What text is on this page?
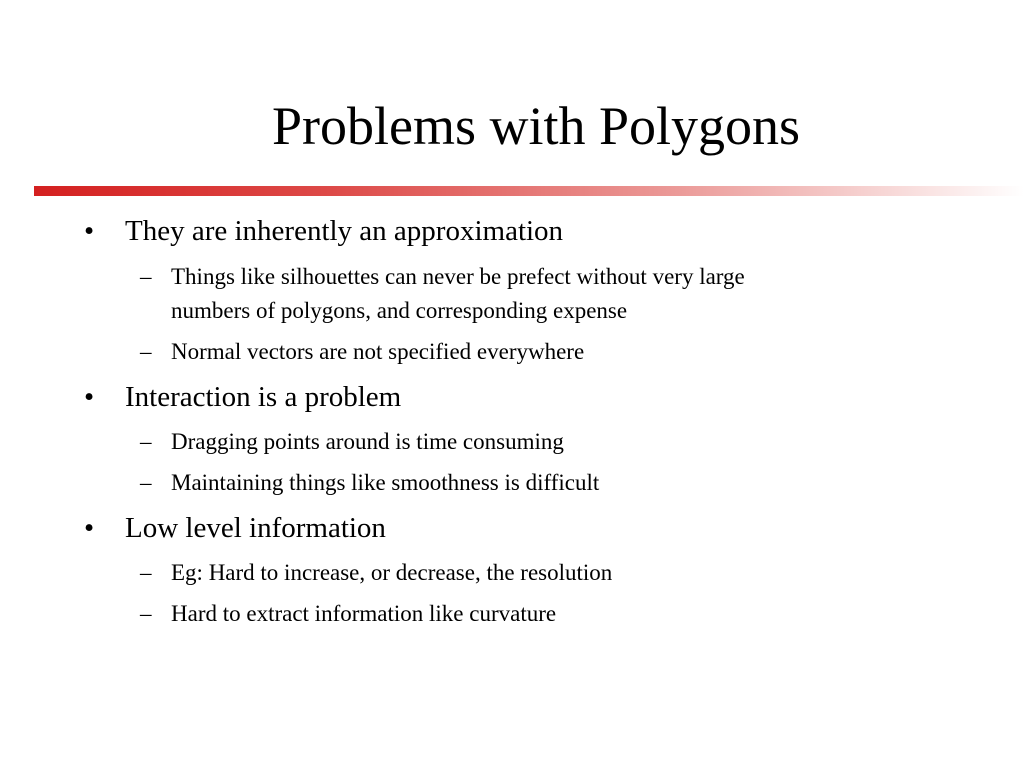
Problems with Polygons
• They are inherently an approximation
– Things like silhouettes can never be prefect without very large
numbers of polygons, and corresponding expense
– Normal vectors are not specified everywhere
• Interaction is a problem
– Dragging points around is time consuming
– Maintaining things like smoothness is difficult
• Low level information
– Eg: Hard to increase, or decrease, the resolution
– Hard to extract information like curvature
